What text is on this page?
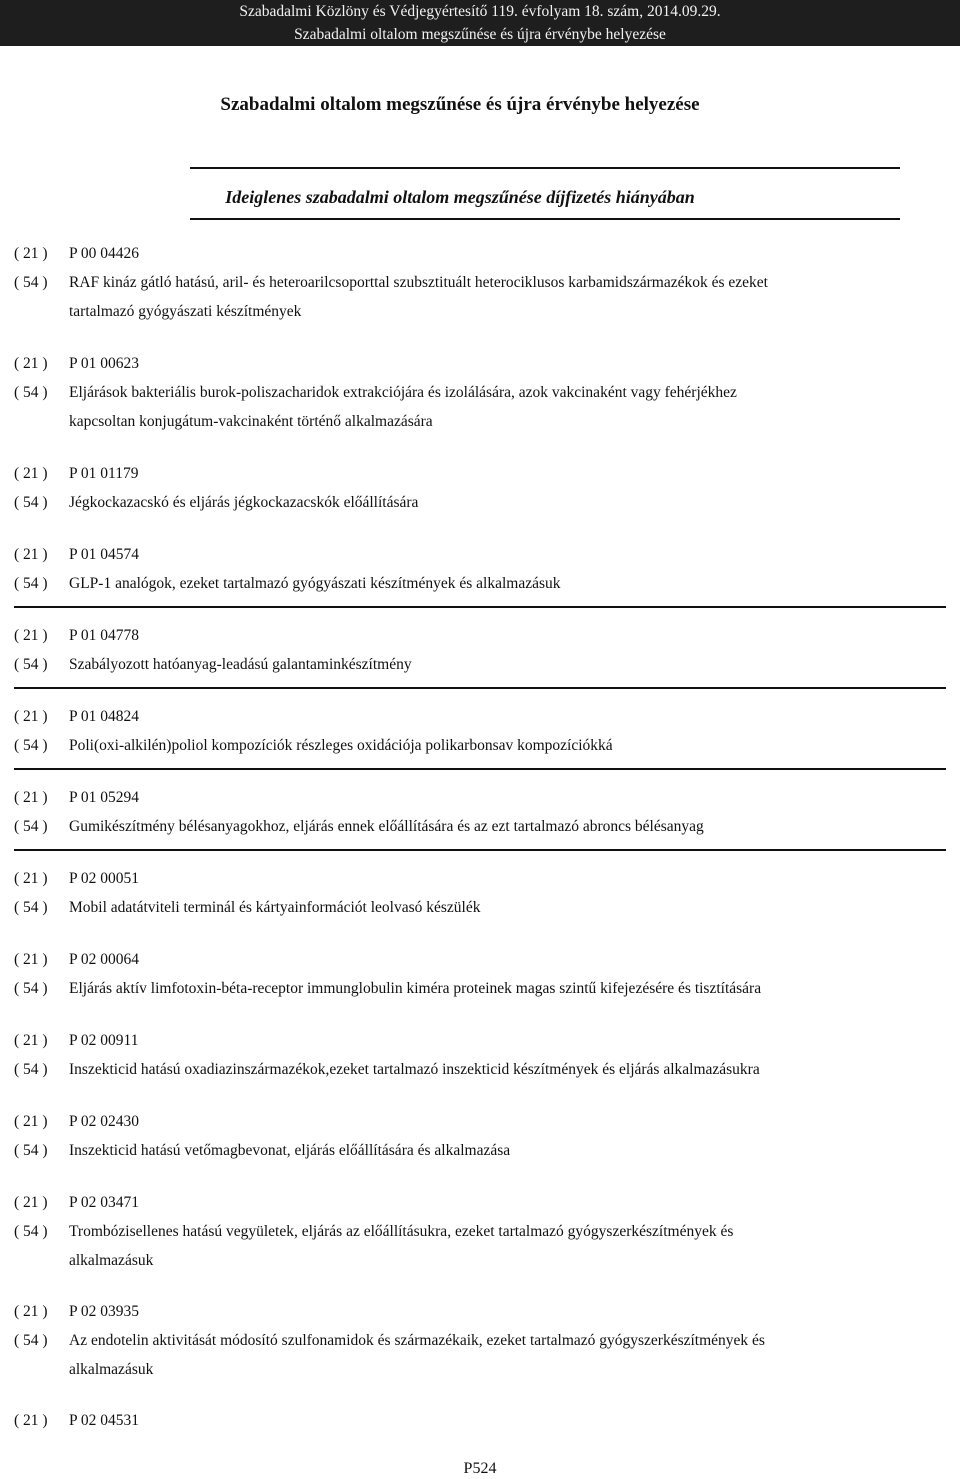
Szabadalmi Közlöny és Védjegyértesítő 119. évfolyam 18. szám, 2014.09.29.
Szabadalmi oltalom megszűnése és újra érvénybe helyezése
Szabadalmi oltalom megszűnése és újra érvénybe helyezése
Ideiglenes szabadalmi oltalom megszűnése díjfizetés hiányában
( 21 ) P 00 04426
( 54 ) RAF kináz gátló hatású, aril- és heteroarilcsoporttal szubsztituált heterociklusos karbamidszármazékok és ezeket
tartalmazó gyógyászati készítmények
( 21 ) P 01 00623
( 54 ) Eljárások bakteriális burok-poliszacharidok extrakciójára és izolálására, azok vakcinaként vagy fehérjékhez
kapcsoltan konjugátum-vakcinaként történő alkalmazására
( 21 ) P 01 01179
( 54 ) Jégkockazacskó és eljárás jégkockazacskók előállítására
( 21 ) P 01 04574
( 54 ) GLP-1 analógok, ezeket tartalmazó gyógyászati készítmények és alkalmazásuk
( 21 ) P 01 04778
( 54 ) Szabályozott hatóanyag-leadású galantaminkészítmény
( 21 ) P 01 04824
( 54 ) Poli(oxi-alkilén)poliol kompozíciók részleges oxidációja polikarbonsav kompozíciókká
( 21 ) P 01 05294
( 54 ) Gumikészítmény bélésanyagokhoz, eljárás ennek előállítására és az ezt tartalmazó abroncs bélésanyag
( 21 ) P 02 00051
( 54 ) Mobil adatátviteli terminál és kártyainformációt leolvasó készülék
( 21 ) P 02 00064
( 54 ) Eljárás aktív limfotoxin-béta-receptor immunglobulin kiméra proteinek magas szintű kifejezésére és tisztítására
( 21 ) P 02 00911
( 54 ) Inszekticid hatású oxadiazinszármazékok,ezeket tartalmazó inszekticid készítmények és eljárás alkalmazásukra
( 21 ) P 02 02430
( 54 ) Inszekticid hatású vetőmagbevonat, eljárás előállítására és alkalmazása
( 21 ) P 02 03471
( 54 ) Trombózisellenes hatású vegyületek, eljárás az előállításukra, ezeket tartalmazó gyógyszerkészítmények és
alkalmazásuk
( 21 ) P 02 03935
( 54 ) Az endotelin aktivitását módosító szulfonamidok és származékaik, ezeket tartalmazó gyógyszerkészítmények és
alkalmazásuk
( 21 ) P 02 04531
P524
